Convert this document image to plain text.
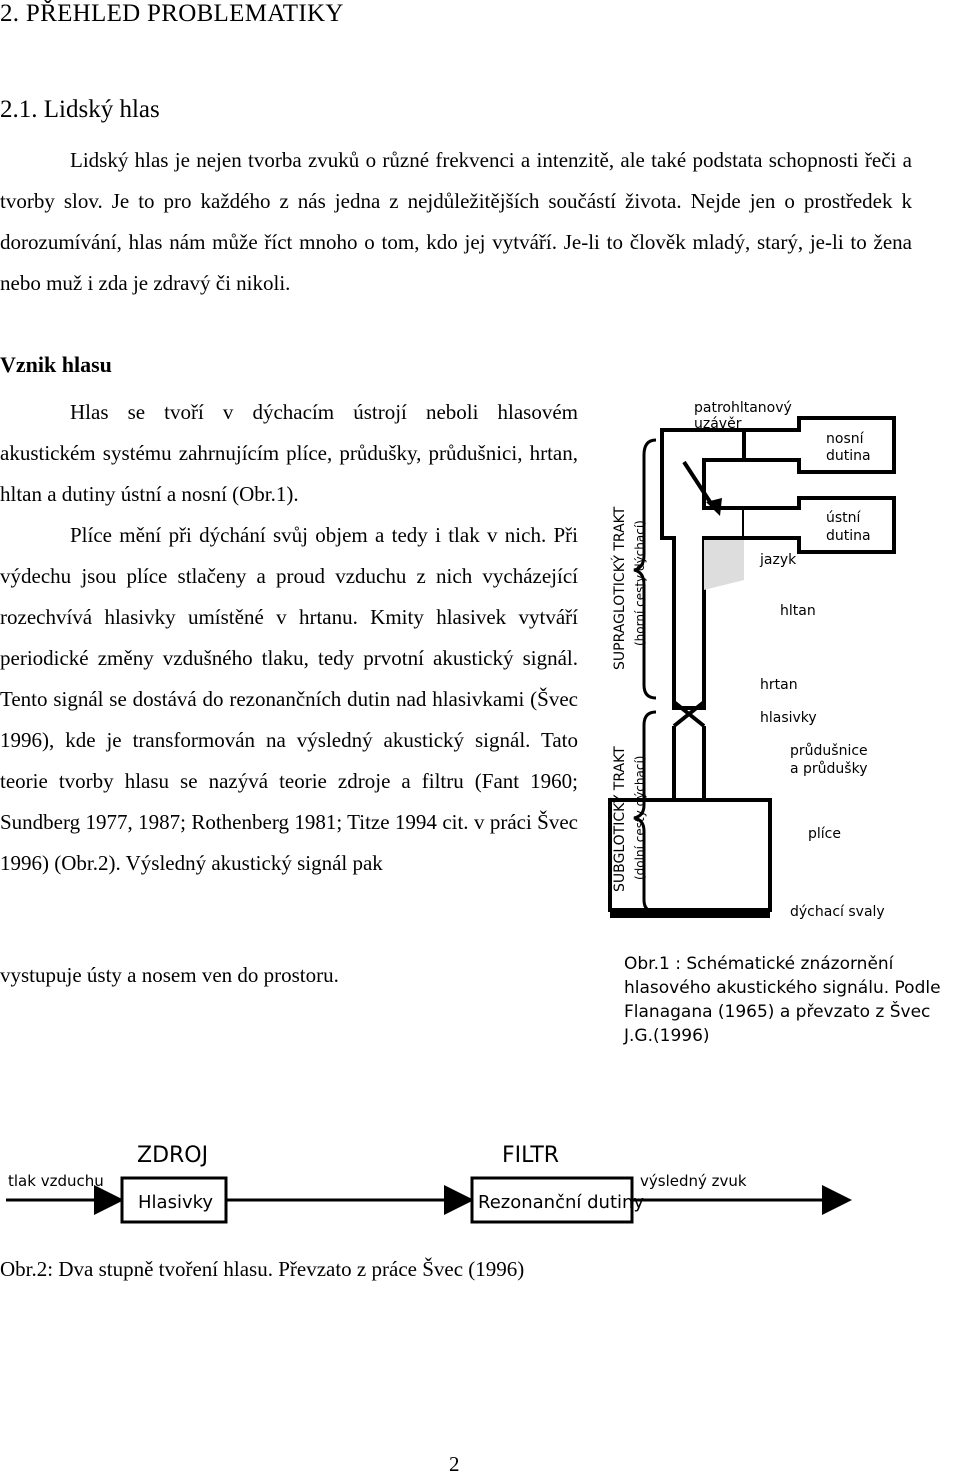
2. PŘEHLED PROBLEMATIKY
2.1. Lidský hlas
Lidský hlas je nejen tvorba zvuků o různé frekvenci a intenzitě, ale také podstata schopnosti řeči a tvorby slov. Je to pro každého z nás jedna z nejdůležitějších součástí života. Nejde jen o prostředek k dorozumívání, hlas nám může říct mnoho o tom, kdo jej vytváří. Je-li to člověk mladý, starý, je-li to žena nebo muž i zda je zdravý či nikoli.
Vznik hlasu
Hlas se tvoří v dýchacím ústrojí neboli hlasovém akustickém systému zahrnujícím plíce, průdušky, průdušnici, hrtan, hltan a dutiny ústní a nosní (Obr.1).
Plíce mění při dýchání svůj objem a tedy i tlak v nich. Při výdechu jsou plíce stlačeny a proud vzduchu z nich vycházející rozechvívá hlasivky umístěné v hrtanu. Kmity hlasivek vytváří periodické změny vzdušného tlaku, tedy prvotní akustický signál. Tento signál se dostává do rezonančních dutin nad hlasivkami (Švec 1996), kde je transformován na výsledný akustický signál. Tato teorie tvorby hlasu se nazývá teorie zdroje a filtru (Fant 1960; Sundberg 1977, 1987; Rothenberg 1981; Titze 1994 cit. v práci Švec 1996) (Obr.2). Výsledný akustický signál pak
vystupuje ústy a nosem ven do prostoru.
SUPRAGLOTICKÝ TRAKT (horní cesty dýchací)
SUBGLOTICKÝ TRAKT (dolní cesty dýchací)
patrohltanový
uzávěr
nosní
dutina
ústní
dutina
jazyk
hltan
hrtan
hlasivky
průdušnice
a průdušky
plíce
dýchací svaly
Obr.1 : Schématické znázornění
hlasového akustického signálu. Podle
Flanagana (1965) a převzato z Švec
J.G.(1996)
ZDROJ	FILTR
tlak vzduchu	výsledný zvuk
Hlasivky	Rezonanční dutiny
Obr.2: Dva stupně tvoření hlasu. Převzato z práce Švec (1996)
2
